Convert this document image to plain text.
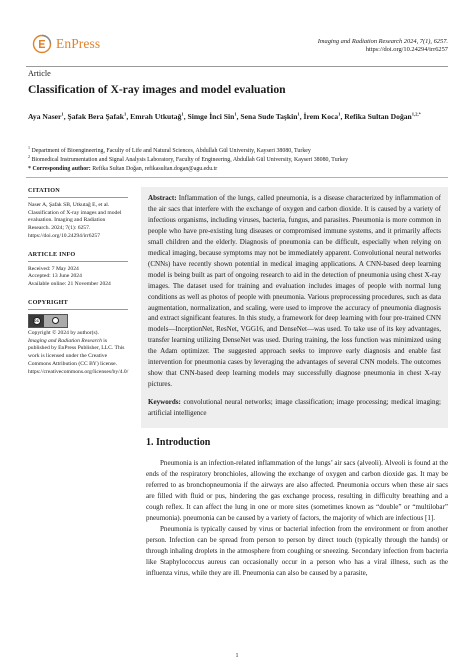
EnPress	Imaging and Radiation Research 2024, 7(1), 6257.
https://doi.org/10.24294/irr6257
Article
Classification of X-ray images and model evaluation
Aya Naser$^1$, Şafak Bera Şafak$^1$, Emrah Utkutağ$^1$, Simge İnci Sin$^1$, Sena Sude Taşkin$^1$, İrem Koca$^1$, Refika Sultan Doğan$^{1,2,*}$
$^1$ Department of Bioengineering, Faculty of Life and Natural Sciences, Abdullah Gül University, Kayseri 38080, Turkey
$^2$ Biomedical Instrumentation and Signal Analysis Laboratory, Faculty of Engineering, Abdullah Gül University, Kayseri 38080, Turkey
* Corresponding author: Refika Sultan Doğan, refikasultan.dogan@agu.edu.tr
CITATION
Naser A, Şafak SB, Utkutağ E, et al. Classification of X-ray images and model evaluation. Imaging and Radiation Research. 2024; 7(1): 6257. https://doi.org/10.24294/irr6257
ARTICLE INFO
Received: 7 May 2024
Accepted: 13 June 2024
Available online: 21 November 2024
COPYRIGHT
cc
Copyright © 2024 by author(s).
Imaging and Radiation Research is published by EnPress Publisher, LLC. This work is licensed under the Creative Commons Attribution (CC BY) license. https://creativecommons.org/licenses/by/4.0/
Abstract: Inflammation of the lungs, called pneumonia, is a disease characterized by inflammation of the air sacs that interfere with the exchange of oxygen and carbon dioxide. It is caused by a variety of infectious organisms, including viruses, bacteria, fungus, and parasites. Pneumonia is more common in people who have pre-existing lung diseases or compromised immune systems, and it primarily affects small children and the elderly. Diagnosis of pneumonia can be difficult, especially when relying on medical imaging, because symptoms may not be immediately apparent. Convolutional neural networks (CNNs) have recently shown potential in medical imaging applications. A CNN-based deep learning model is being built as part of ongoing research to aid in the detection of pneumonia using chest X-ray images. The dataset used for training and evaluation includes images of people with normal lung conditions as well as photos of people with pneumonia. Various preprocessing procedures, such as data augmentation, normalization, and scaling, were used to improve the accuracy of pneumonia diagnosis and extract significant features. In this study, a framework for deep learning with four pre-trained CNN models—InceptionNet, ResNet, VGG16, and DenseNet—was used. To take use of its key advantages, transfer learning utilizing DenseNet was used. During training, the loss function was minimized using the Adam optimizer. The suggested approach seeks to improve early diagnosis and enable fast intervention for pneumonia cases by leveraging the advantages of several CNN models. The outcomes show that CNN-based deep learning models may successfully diagnose pneumonia in chest X-ray pictures.
Keywords: convolutional neural networks; image classification; image processing; medical imaging; artificial intelligence
1. Introduction

Pneumonia is an infection-related inflammation of the lungs’ air sacs (alveoli). Alveoli is found at the ends of the respiratory bronchioles, allowing the exchange of oxygen and carbon dioxide gas. It may be referred to as bronchopneumonia if the airways are also affected. Pneumonia occurs when these air sacs are filled with fluid or pus, hindering the gas exchange process, resulting in difficulty breathing and a cough reflex. It can affect the lung in one or more sites (sometimes known as “double” or “multilobar” pneumonia). pneumonia can be caused by a variety of factors, the majority of which are infectious [1].

Pneumonia is typically caused by virus or bacterial infection from the environment or from another person. Infection can be spread from person to person by direct touch (typically through the hands) or through inhaling droplets in the atmosphere from coughing or sneezing. Secondary infection from bacteria like Staphylococcus aureus can occasionally occur in a person who has a viral illness, such as the influenza virus, while they are ill. Pneumonia can also be caused by a parasite,

1
